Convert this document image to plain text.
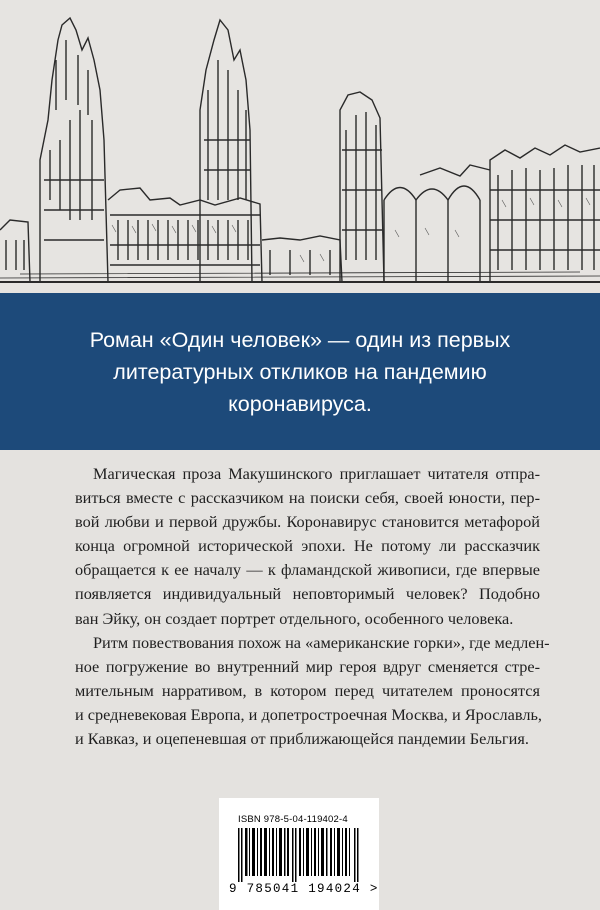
Роман «Один человек» — один из первых
литературных откликов на пандемию
коронавируса.

Магическая проза Макушинского приглашает читателя отпра-
виться вместе с рассказчиком на поиски себя, своей юности, пер-
вой любви и первой дружбы. Коронавирус становится метафорой
конца огромной исторической эпохи. Не потому ли рассказчик
обращается к ее началу — к фламандской живописи, где впервые
появляется индивидуальный неповторимый человек? Подобно
ван Эйку, он создает портрет отдельного, особенного человека.
Ритм повествования похож на «американские горки», где медлен-
ное погружение во внутренний мир героя вдруг сменяется стре-
мительным нарративом, в котором перед читателем проносятся
и средневековая Европа, и допетростроечная Москва, и Ярославль,
и Кавказ, и оцепеневшая от приближающейся пандемии Бельгия.

ISBN 978-5-04-119402-4
9 785041 194024 >
